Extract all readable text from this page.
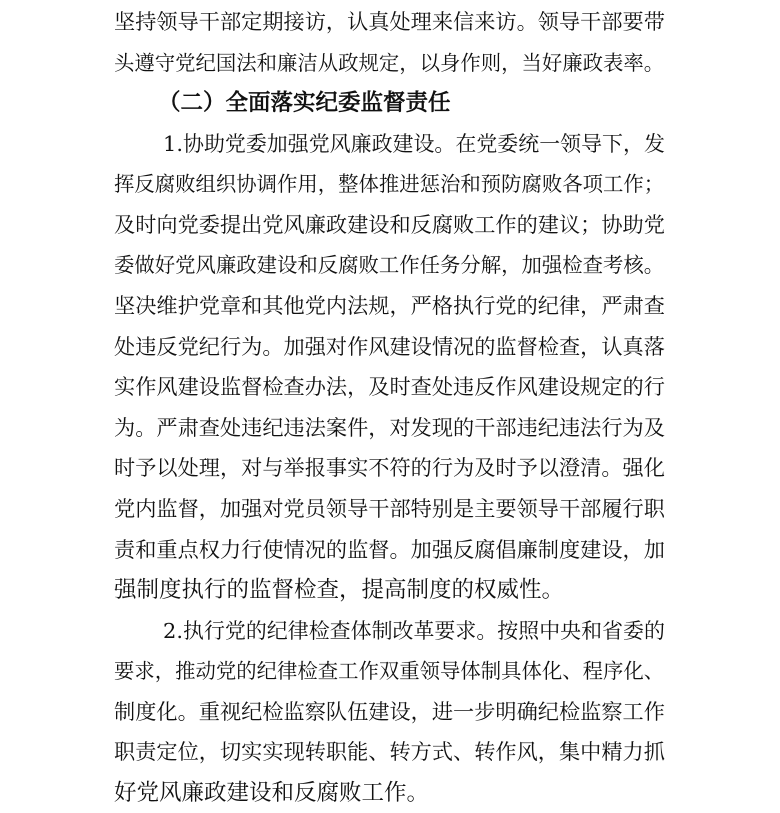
坚持领导干部定期接访，认真处理来信来访。领导干部要带
头遵守党纪国法和廉洁从政规定，以身作则，当好廉政表率。
（二）全面落实纪委监督责任
1.协助党委加强党风廉政建设。在党委统一领导下，发
挥反腐败组织协调作用，整体推进惩治和预防腐败各项工作；
及时向党委提出党风廉政建设和反腐败工作的建议；协助党
委做好党风廉政建设和反腐败工作任务分解，加强检查考核。
坚决维护党章和其他党内法规，严格执行党的纪律，严肃查
处违反党纪行为。加强对作风建设情况的监督检查，认真落
实作风建设监督检查办法，及时查处违反作风建设规定的行
为。严肃查处违纪违法案件，对发现的干部违纪违法行为及
时予以处理，对与举报事实不符的行为及时予以澄清。强化
党内监督，加强对党员领导干部特别是主要领导干部履行职
责和重点权力行使情况的监督。加强反腐倡廉制度建设，加
强制度执行的监督检查，提高制度的权威性。
2.执行党的纪律检查体制改革要求。按照中央和省委的
要求，推动党的纪律检查工作双重领导体制具体化、程序化、
制度化。重视纪检监察队伍建设，进一步明确纪检监察工作
职责定位，切实实现转职能、转方式、转作风，集中精力抓
好党风廉政建设和反腐败工作。
